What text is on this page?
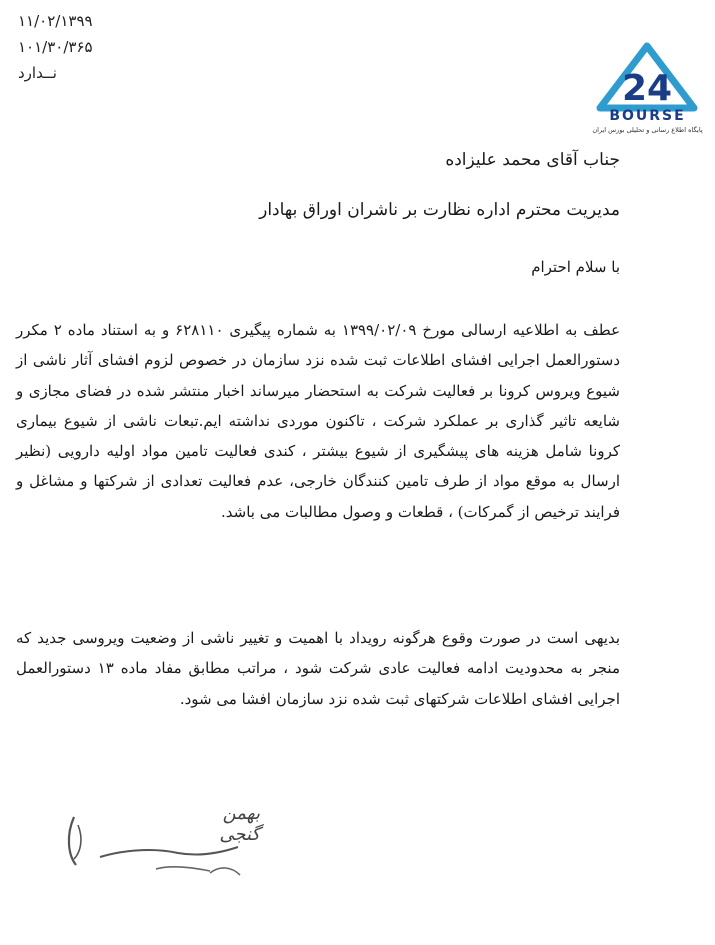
۱۱/۰۲/۱۳۹۹
۱۰۱/۳۰/۳۶۵
نــدارد	24
BOURSE
پایگاه اطلاع رسانی و تحلیلی بورس ایران
جناب آقای محمد علیزاده
مدیریت محترم اداره نظارت بر ناشران اوراق بهادار
با سلام احترام
عطف به اطلاعیه ارسالی مورخ ۱۳۹۹/۰۲/۰۹ به شماره پیگیری ۶۲۸۱۱۰ و به استناد ماده ۲ مکرر دستورالعمل اجرایی افشای اطلاعات ثبت شده نزد سازمان در خصوص لزوم افشای آثار ناشی از شیوع ویروس کرونا بر فعالیت شرکت به استحضار میرساند اخبار منتشر شده در فضای مجازی و شایعه تاثیر گذاری بر عملکرد شرکت ، تاکنون موردی نداشته ایم.تبعات ناشی از شیوع بیماری کرونا شامل هزینه های پیشگیری از شیوع بیشتر ، کندی فعالیت تامین مواد اولیه دارویی (نظیر ارسال به موقع مواد از طرف تامین کنندگان خارجی، عدم فعالیت تعدادی از شرکتها و مشاغل و فرایند ترخیص از گمرکات) ، قطعات و وصول مطالبات می باشد.
بدیهی است در صورت وقوع هرگونه رویداد با اهمیت و تغییر ناشی از وضعیت ویروسی جدید که منجر به محدودیت ادامه فعالیت عادی شرکت شود ، مراتب مطابق مفاد ماده ۱۳ دستورالعمل اجرایی افشای اطلاعات شرکتهای ثبت شده نزد سازمان افشا می شود.
بهمن گنجی
